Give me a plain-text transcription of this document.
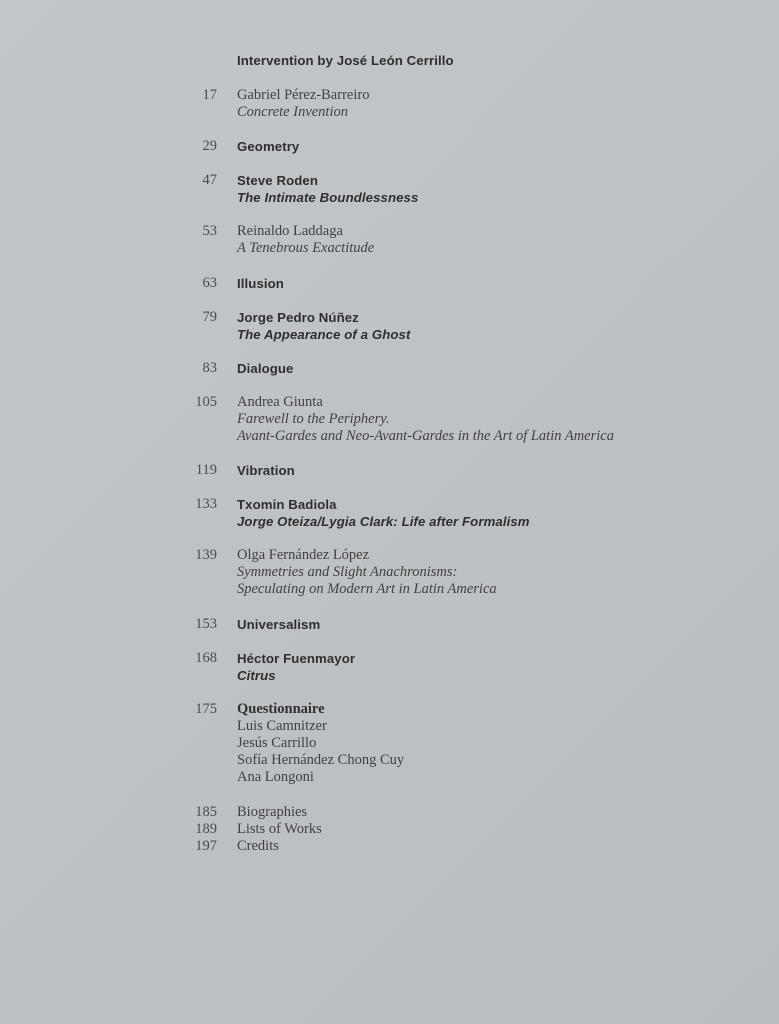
Intervention by José León Cerrillo
17 Gabriel Pérez-Barreiro
Concrete Invention
29 Geometry
47 Steve Roden
The Intimate Boundlessness
53 Reinaldo Laddaga
A Tenebrous Exactitude
63 Illusion
79 Jorge Pedro Núñez
The Appearance of a Ghost
83 Dialogue
105 Andrea Giunta
Farewell to the Periphery.
Avant-Gardes and Neo-Avant-Gardes in the Art of Latin America
119 Vibration
133 Txomin Badiola
Jorge Oteiza/Lygia Clark: Life after Formalism
139 Olga Fernández López
Symmetries and Slight Anachronisms:
Speculating on Modern Art in Latin America
153 Universalism
168 Héctor Fuenmayor
Citrus
175 Questionnaire
Luis Camnitzer
Jesús Carrillo
Sofía Hernández Chong Cuy
Ana Longoni
185 Biographies
189 Lists of Works
197 Credits
